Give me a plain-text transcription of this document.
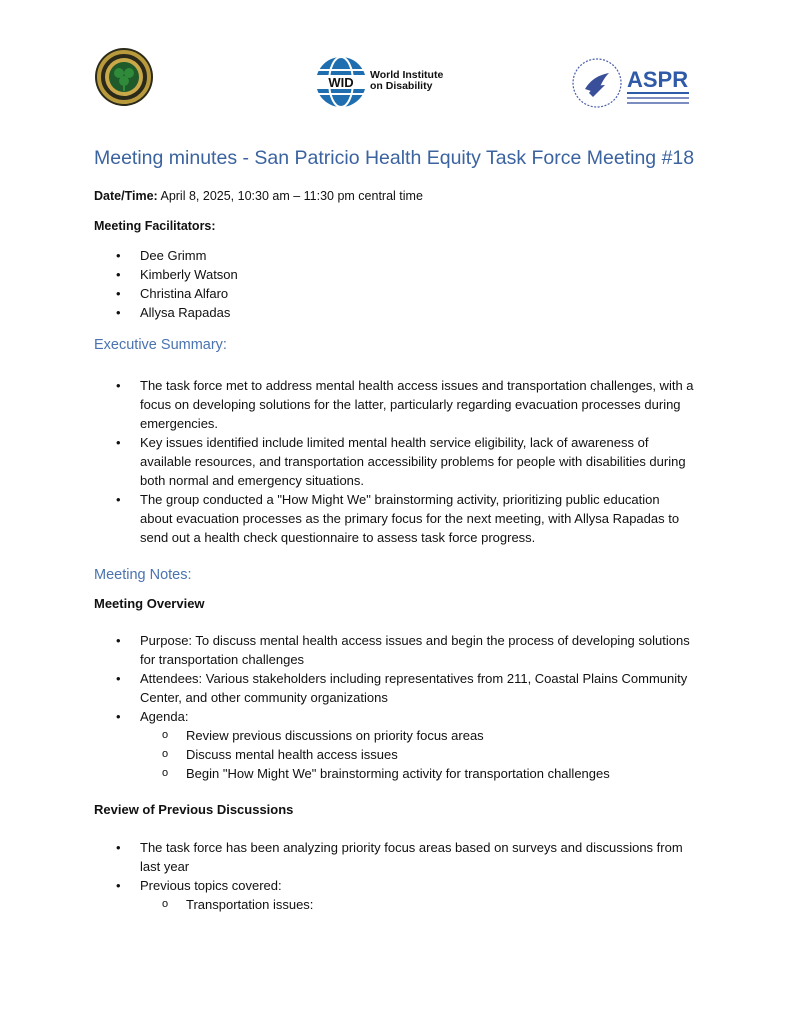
WID World Institute
on Disability	ASPR
Meeting minutes - San Patricio Health Equity Task Force Meeting #18
Date/Time: April 8, 2025, 10:30 am – 11:30 pm central time
Meeting Facilitators:
• Dee Grimm
• Kimberly Watson
• Christina Alfaro
• Allysa Rapadas
Executive Summary:
• The task force met to address mental health access issues and transportation challenges, with a focus on developing solutions for the latter, particularly regarding evacuation processes during emergencies.
• Key issues identified include limited mental health service eligibility, lack of awareness of available resources, and transportation accessibility problems for people with disabilities during both normal and emergency situations.
• The group conducted a "How Might We" brainstorming activity, prioritizing public education about evacuation processes as the primary focus for the next meeting, with Allysa Rapadas to send out a health check questionnaire to assess task force progress.
Meeting Notes:
Meeting Overview
• Purpose: To discuss mental health access issues and begin the process of developing solutions for transportation challenges
• Attendees: Various stakeholders including representatives from 211, Coastal Plains Community Center, and other community organizations
• Agenda:
o Review previous discussions on priority focus areas
o Discuss mental health access issues
o Begin "How Might We" brainstorming activity for transportation challenges
Review of Previous Discussions
• The task force has been analyzing priority focus areas based on surveys and discussions from last year
• Previous topics covered:
o Transportation issues:
